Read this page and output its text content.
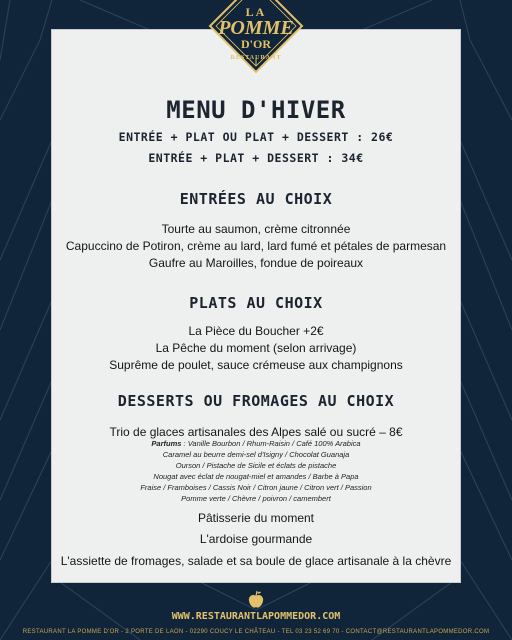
MENU D'HIVER
ENTRÉE + PLAT OU PLAT + DESSERT : 26€
ENTRÉE + PLAT + DESSERT : 34€
ENTRÉES AU CHOIX
Tourte au saumon, crème citronnée
Capuccino de Potiron, crème au lard, lard fumé et pétales de parmesan
Gaufre au Maroilles, fondue de poireaux
PLATS AU CHOIX
La Pièce du Boucher +2€
La Pêche du moment (selon arrivage)
Suprême de poulet, sauce crémeuse aux champignons
DESSERTS OU FROMAGES AU CHOIX
Trio de glaces artisanales des Alpes salé ou sucré – 8€
Parfums : Vanille Bourbon / Rhum-Raisin / Café 100% Arabica
Caramel au beurre demi-sel d'Isigny / Chocolat Guanaja
Ourson / Pistache de Sicile et éclats de pistache
Nougat avec éclat de nougat-miel et amandes / Barbe à Papa
Fraise / Framboises / Cassis Noir / Citron jaune / Citron vert / Passion
Pomme verte / Chèvre / poivron / camembert
Pâtisserie du moment
L'ardoise gourmande
L'assiette de fromages, salade et sa boule de glace artisanale à la chèvre
LA
POMME
D'OR
RESTAURANT
WWW.RESTAURANTLAPOMMEDOR.COM
RESTAURANT LA POMME D'OR - 2 PORTE DE LAON - 02290 COUCY LE CHÂTEAU - TEL 03 23 52 69 70 - CONTACT@RESTAURANTLAPOMMEDOR.COM
